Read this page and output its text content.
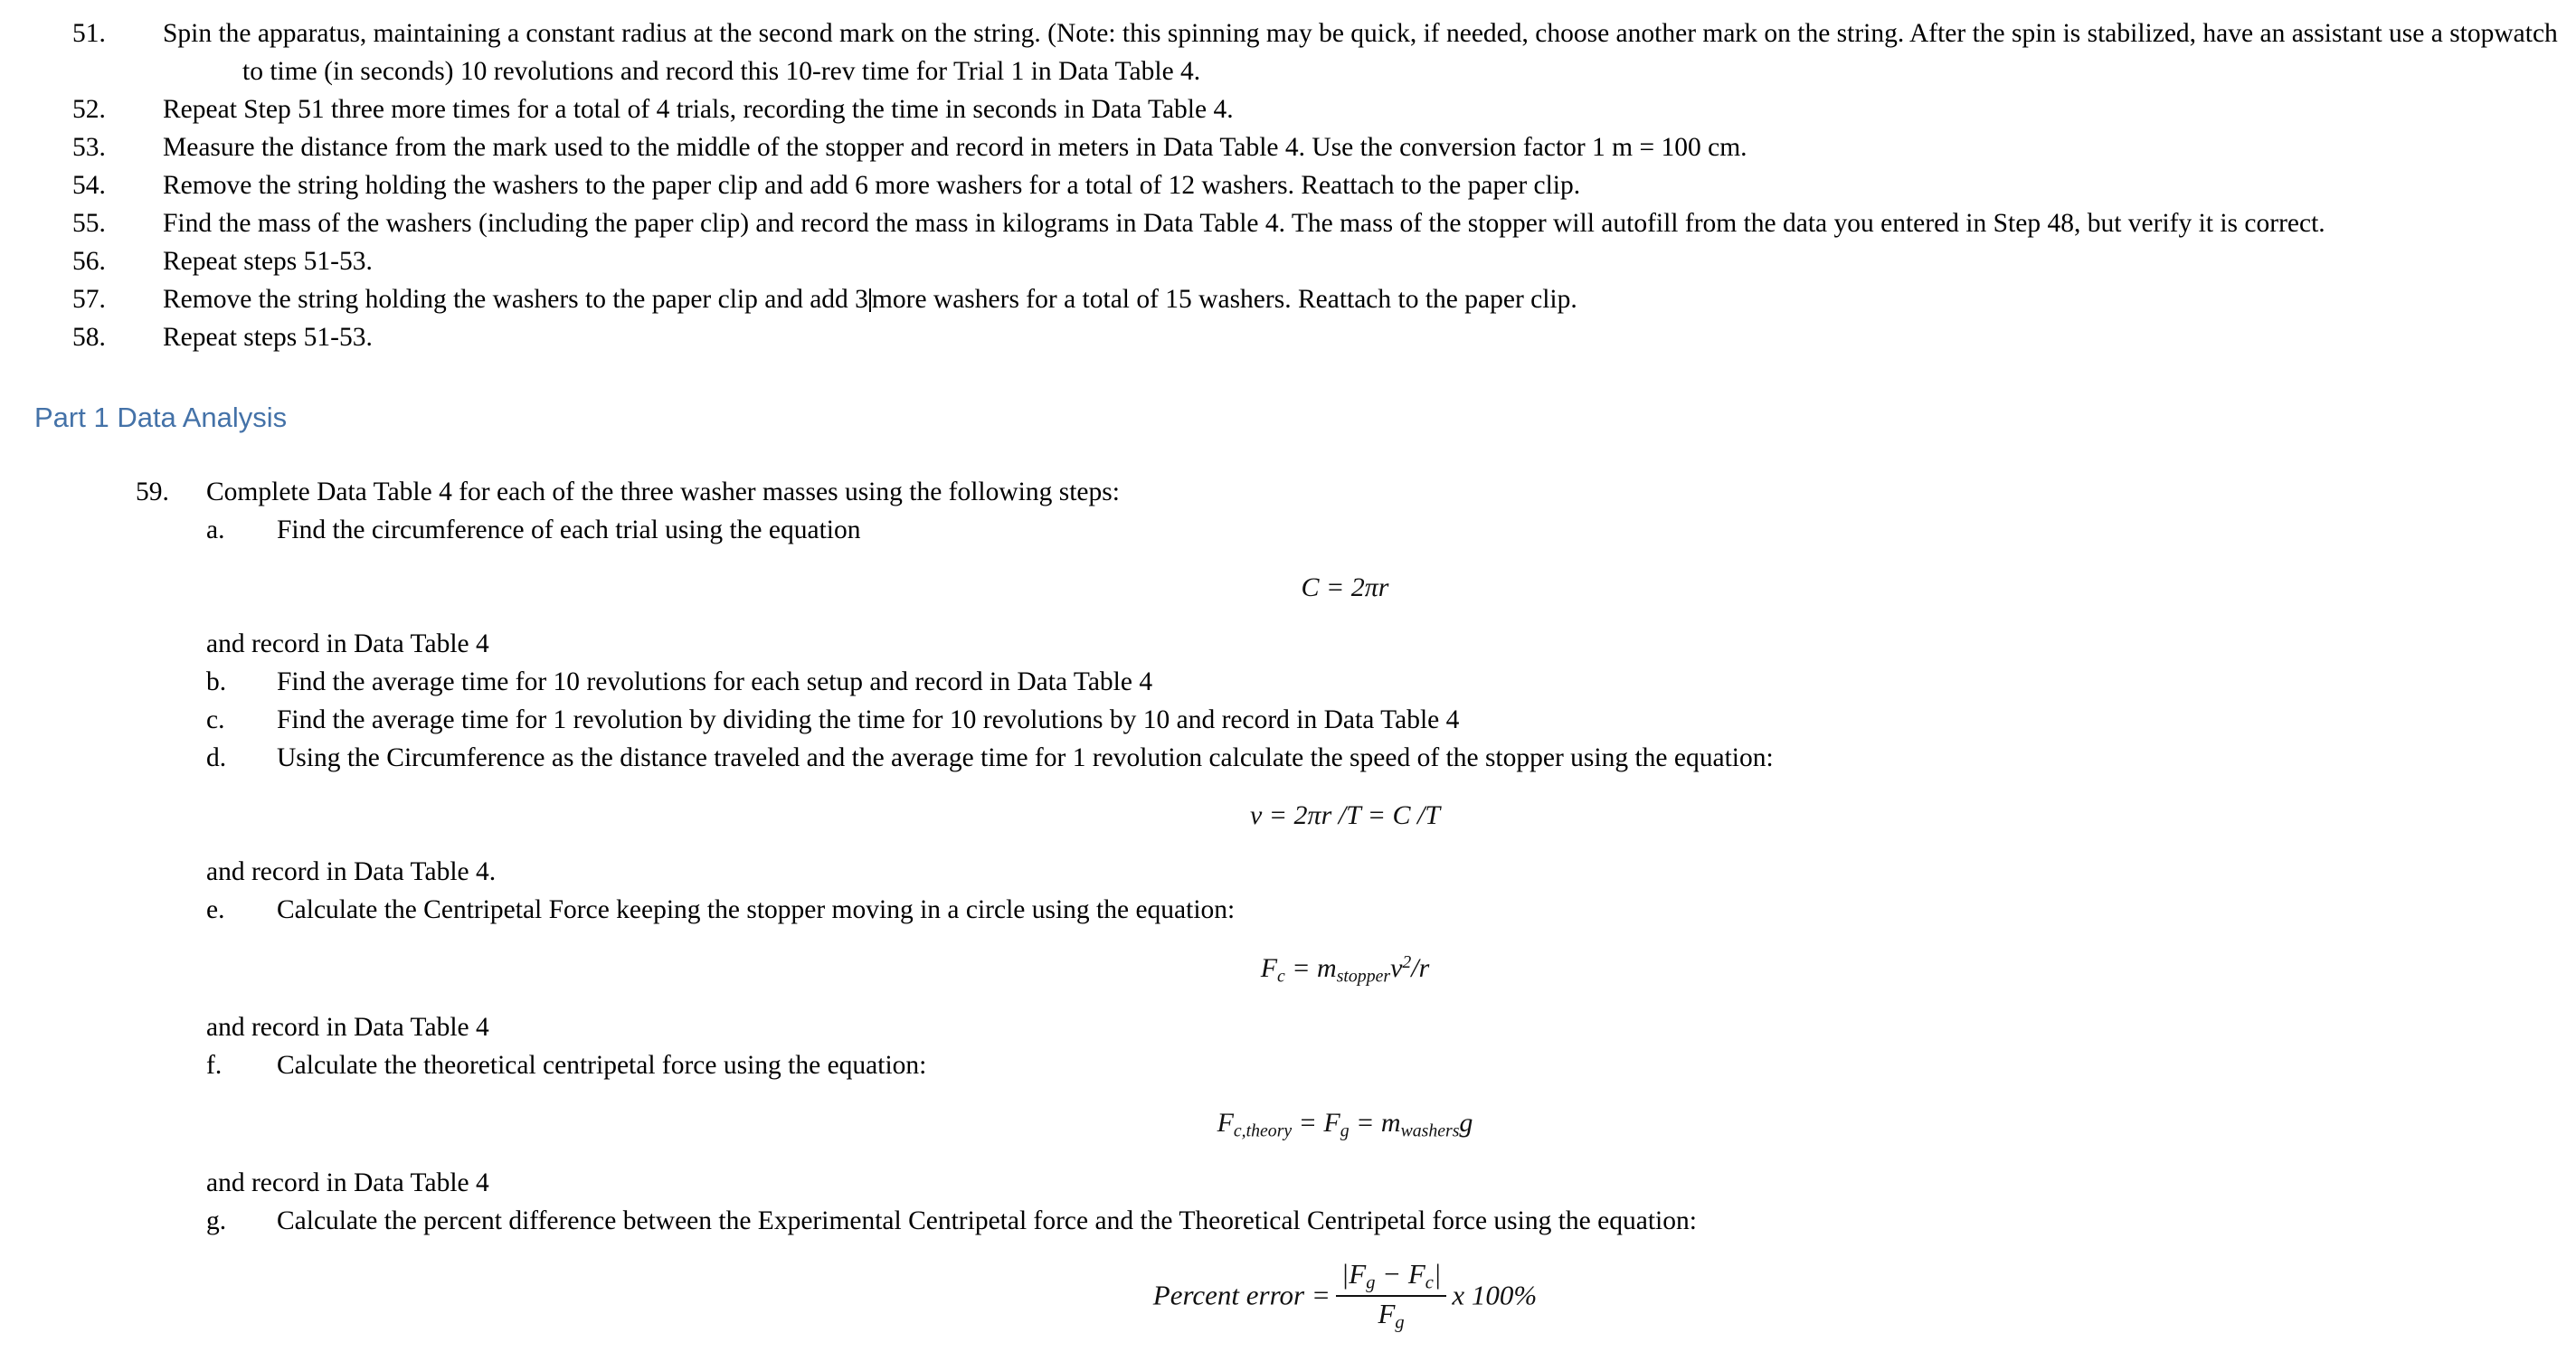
51. Spin the apparatus, maintaining a constant radius at the second mark on the string. (Note: this spinning may be quick, if needed, choose another mark on the string. After the spin is stabilized, have an assistant use a stopwatch to time (in seconds) 10 revolutions and record this 10-rev time for Trial 1 in Data Table 4.
52. Repeat Step 51 three more times for a total of 4 trials, recording the time in seconds in Data Table 4.
53. Measure the distance from the mark used to the middle of the stopper and record in meters in Data Table 4. Use the conversion factor 1 m = 100 cm.
54. Remove the string holding the washers to the paper clip and add 6 more washers for a total of 12 washers. Reattach to the paper clip.
55. Find the mass of the washers (including the paper clip) and record the mass in kilograms in Data Table 4. The mass of the stopper will autofill from the data you entered in Step 48, but verify it is correct.
56. Repeat steps 51-53.
57. Remove the string holding the washers to the paper clip and add 3 more washers for a total of 15 washers. Reattach to the paper clip.
58. Repeat steps 51-53.
Part 1 Data Analysis
59. Complete Data Table 4 for each of the three washer masses using the following steps:
a. Find the circumference of each trial using the equation
C = 2πr
and record in Data Table 4
b. Find the average time for 10 revolutions for each setup and record in Data Table 4
c. Find the average time for 1 revolution by dividing the time for 10 revolutions by 10 and record in Data Table 4
d. Using the Circumference as the distance traveled and the average time for 1 revolution calculate the speed of the stopper using the equation:
v = 2πr /T = C /T
and record in Data Table 4.
e. Calculate the Centripetal Force keeping the stopper moving in a circle using the equation:
$F_c = m_{stopper}v^2/r$
and record in Data Table 4
f. Calculate the theoretical centripetal force using the equation:
$F_{c,theory} = F_g = m_{washers}g$
and record in Data Table 4
g. Calculate the percent difference between the Experimental Centripetal force and the Theoretical Centripetal force using the equation:
Percent error = $\frac{|F_g - F_c|}{F_g}$ x 100%
